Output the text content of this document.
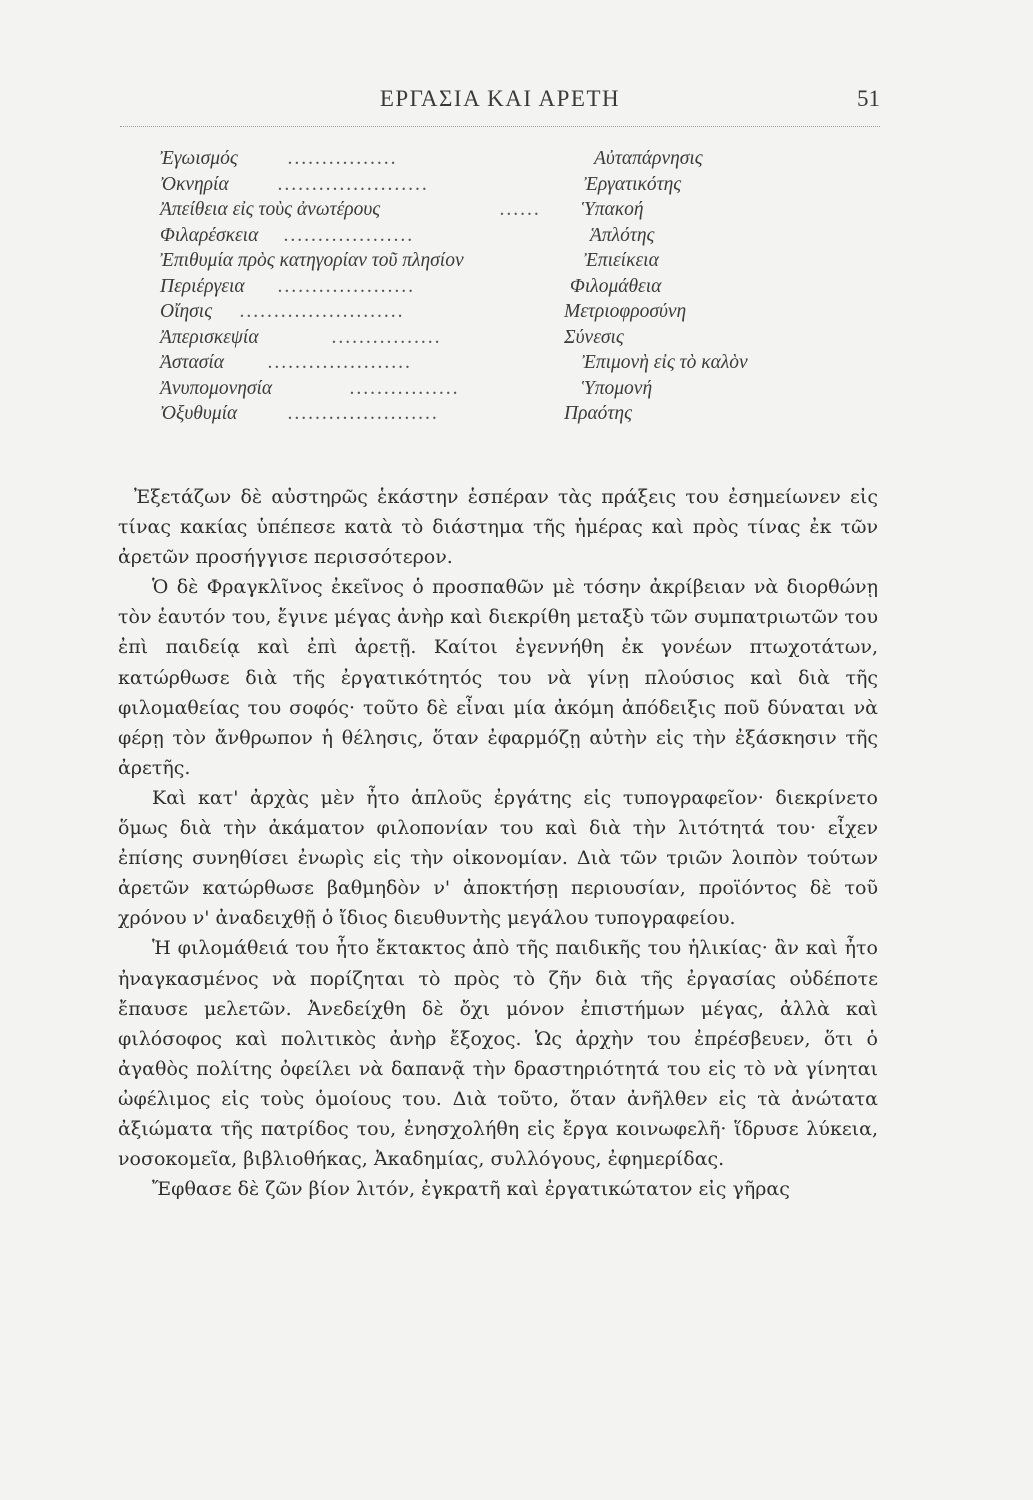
ΕΡΓΑΣΙΑ ΚΑΙ ΑΡΕΤΗ	51
Ἐγωισμός	................	Αὐταπάρνησις
Ὀκνηρία	......................	Ἐργατικότης
Ἀπείθεια εἰς τοὺς ἀνωτέρους	...... Ὑπακοή
Φιλαρέσκεια ...................	Ἁπλότης
Ἐπιθυμία πρὸς κατηγορίαν τοῦ πλησίον	Ἐπιείκεια
Περιέργεια ....................	Φιλομάθεια
Οἴησις ........................	Μετριοφροσύνη
Ἀπερισκεψία	................	Σύνεσις
Ἀστασία .....................	Ἐπιμονὴ εἰς τὸ καλὸν
Ἀνυπομονησία	................	Ὑπομονή
Ὀξυθυμία	......................	Πραότης

Ἐξετάζων δὲ αὐστηρῶς ἑκάστην ἑσπέραν τὰς πράξεις του ἐσημείωνεν εἰς τίνας κακίας ὑπέπεσε κατὰ τὸ διάστημα τῆς ἡμέρας καὶ πρὸς τίνας ἐκ τῶν ἀρετῶν προσήγγισε περισσότερον.

Ὁ δὲ Φραγκλῖνος ἐκεῖνος ὁ προσπαθῶν μὲ τόσην ἀκρίβειαν νὰ διορθώνῃ τὸν ἑαυτόν του, ἔγινε μέγας ἀνὴρ καὶ διεκρίθη μεταξὺ τῶν συμπατριωτῶν του ἐπὶ παιδείᾳ καὶ ἐπὶ ἀρετῇ. Καίτοι ἐγεννήθη ἐκ γονέων πτωχοτάτων, κατώρθωσε διὰ τῆς ἐργατικότητός του νὰ γίνῃ πλούσιος καὶ διὰ τῆς φιλομαθείας του σοφός· τοῦτο δὲ εἶναι μία ἀκόμη ἀπόδειξις ποῦ δύναται νὰ φέρῃ τὸν ἄνθρωπον ἡ θέλησις, ὅταν ἐφαρμόζῃ αὐτὴν εἰς τὴν ἐξάσκησιν τῆς ἀρετῆς.

Καὶ κατ' ἀρχὰς μὲν ἦτο ἁπλοῦς ἐργάτης εἰς τυπογραφεῖον· διεκρίνετο ὅμως διὰ τὴν ἀκάματον φιλοπονίαν του καὶ διὰ τὴν λιτότητά του· εἶχεν ἐπίσης συνηθίσει ἐνωρὶς εἰς τὴν οἰκονομίαν. Διὰ τῶν τριῶν λοιπὸν τούτων ἀρετῶν κατώρθωσε βαθμηδὸν ν' ἀποκτήσῃ περιουσίαν, προϊόντος δὲ τοῦ χρόνου ν' ἀναδειχθῇ ὁ ἴδιος διευθυντὴς μεγάλου τυπογραφείου.

Ἡ φιλομάθειά του ἦτο ἔκτακτος ἀπὸ τῆς παιδικῆς του ἡλικίας· ἂν καὶ ἦτο ἠναγκασμένος νὰ πορίζηται τὸ πρὸς τὸ ζῆν διὰ τῆς ἐργασίας οὐδέποτε ἔπαυσε μελετῶν. Ἀνεδείχθη δὲ ὄχι μόνον ἐπιστήμων μέγας, ἀλλὰ καὶ φιλόσοφος καὶ πολιτικὸς ἀνὴρ ἔξοχος. Ὡς ἀρχὴν του ἐπρέσβευεν, ὅτι ὁ ἀγαθὸς πολίτης ὀφείλει νὰ δαπανᾷ τὴν δραστηριότητά του εἰς τὸ νὰ γίνηται ὠφέλιμος εἰς τοὺς ὁμοίους του. Διὰ τοῦτο, ὅταν ἀνῆλθεν εἰς τὰ ἀνώτατα ἀξιώματα τῆς πατρίδος του, ἐνησχολήθη εἰς ἔργα κοινωφελῆ· ἵδρυσε λύκεια, νοσοκομεῖα, βιβλιοθήκας, Ἀκαδημίας, συλλόγους, ἐφημερίδας.

Ἔφθασε δὲ ζῶν βίον λιτόν, ἐγκρατῆ καὶ ἐργατικώτατον εἰς γῆρας
